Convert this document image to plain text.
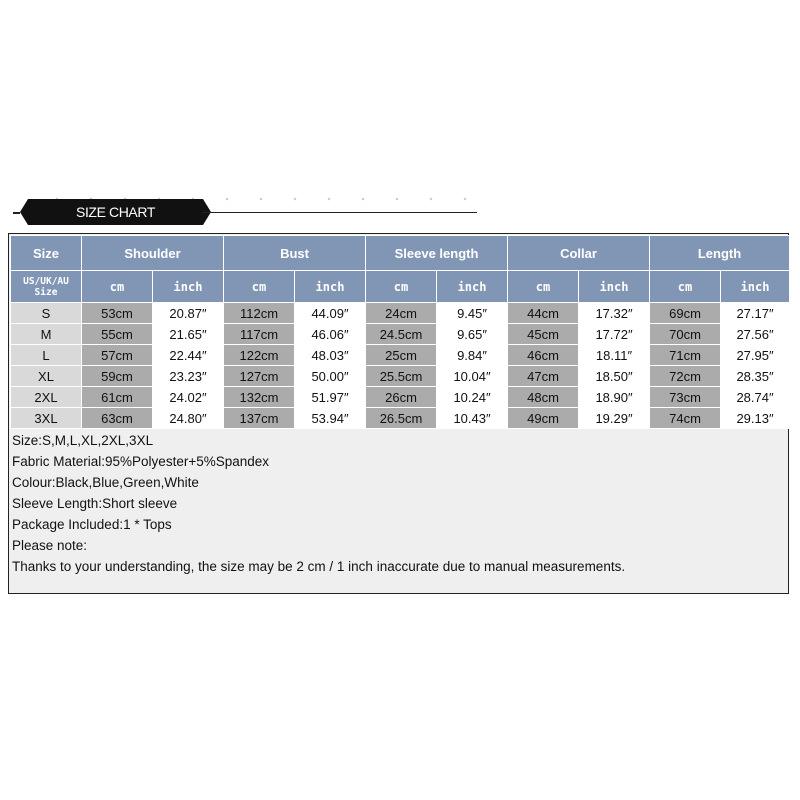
SIZE CHART
Size	Shoulder		Bust		Sleeve length		Collar		Length	
US/UK/AU Size	cm	inch	cm	inch	cm	inch	cm	inch	cm	inch
S	53cm	20.87″	112cm	44.09″	24cm	9.45″	44cm	17.32″	69cm	27.17″
M	55cm	21.65″	117cm	46.06″	24.5cm	9.65″	45cm	17.72″	70cm	27.56″
L	57cm	22.44″	122cm	48.03″	25cm	9.84″	46cm	18.11″	71cm	27.95″
XL	59cm	23.23″	127cm	50.00″	25.5cm	10.04″	47cm	18.50″	72cm	28.35″
2XL	61cm	24.02″	132cm	51.97″	26cm	10.24″	48cm	18.90″	73cm	28.74″
3XL	63cm	24.80″	137cm	53.94″	26.5cm	10.43″	49cm	19.29″	74cm	29.13″
Size:S,M,L,XL,2XL,3XL
Fabric Material:95%Polyester+5%Spandex
Colour:Black,Blue,Green,White
Sleeve Length:Short sleeve
Package Included:1 * Tops
Please note:
Thanks to your understanding, the size may be 2 cm / 1 inch inaccurate due to manual measurements.
